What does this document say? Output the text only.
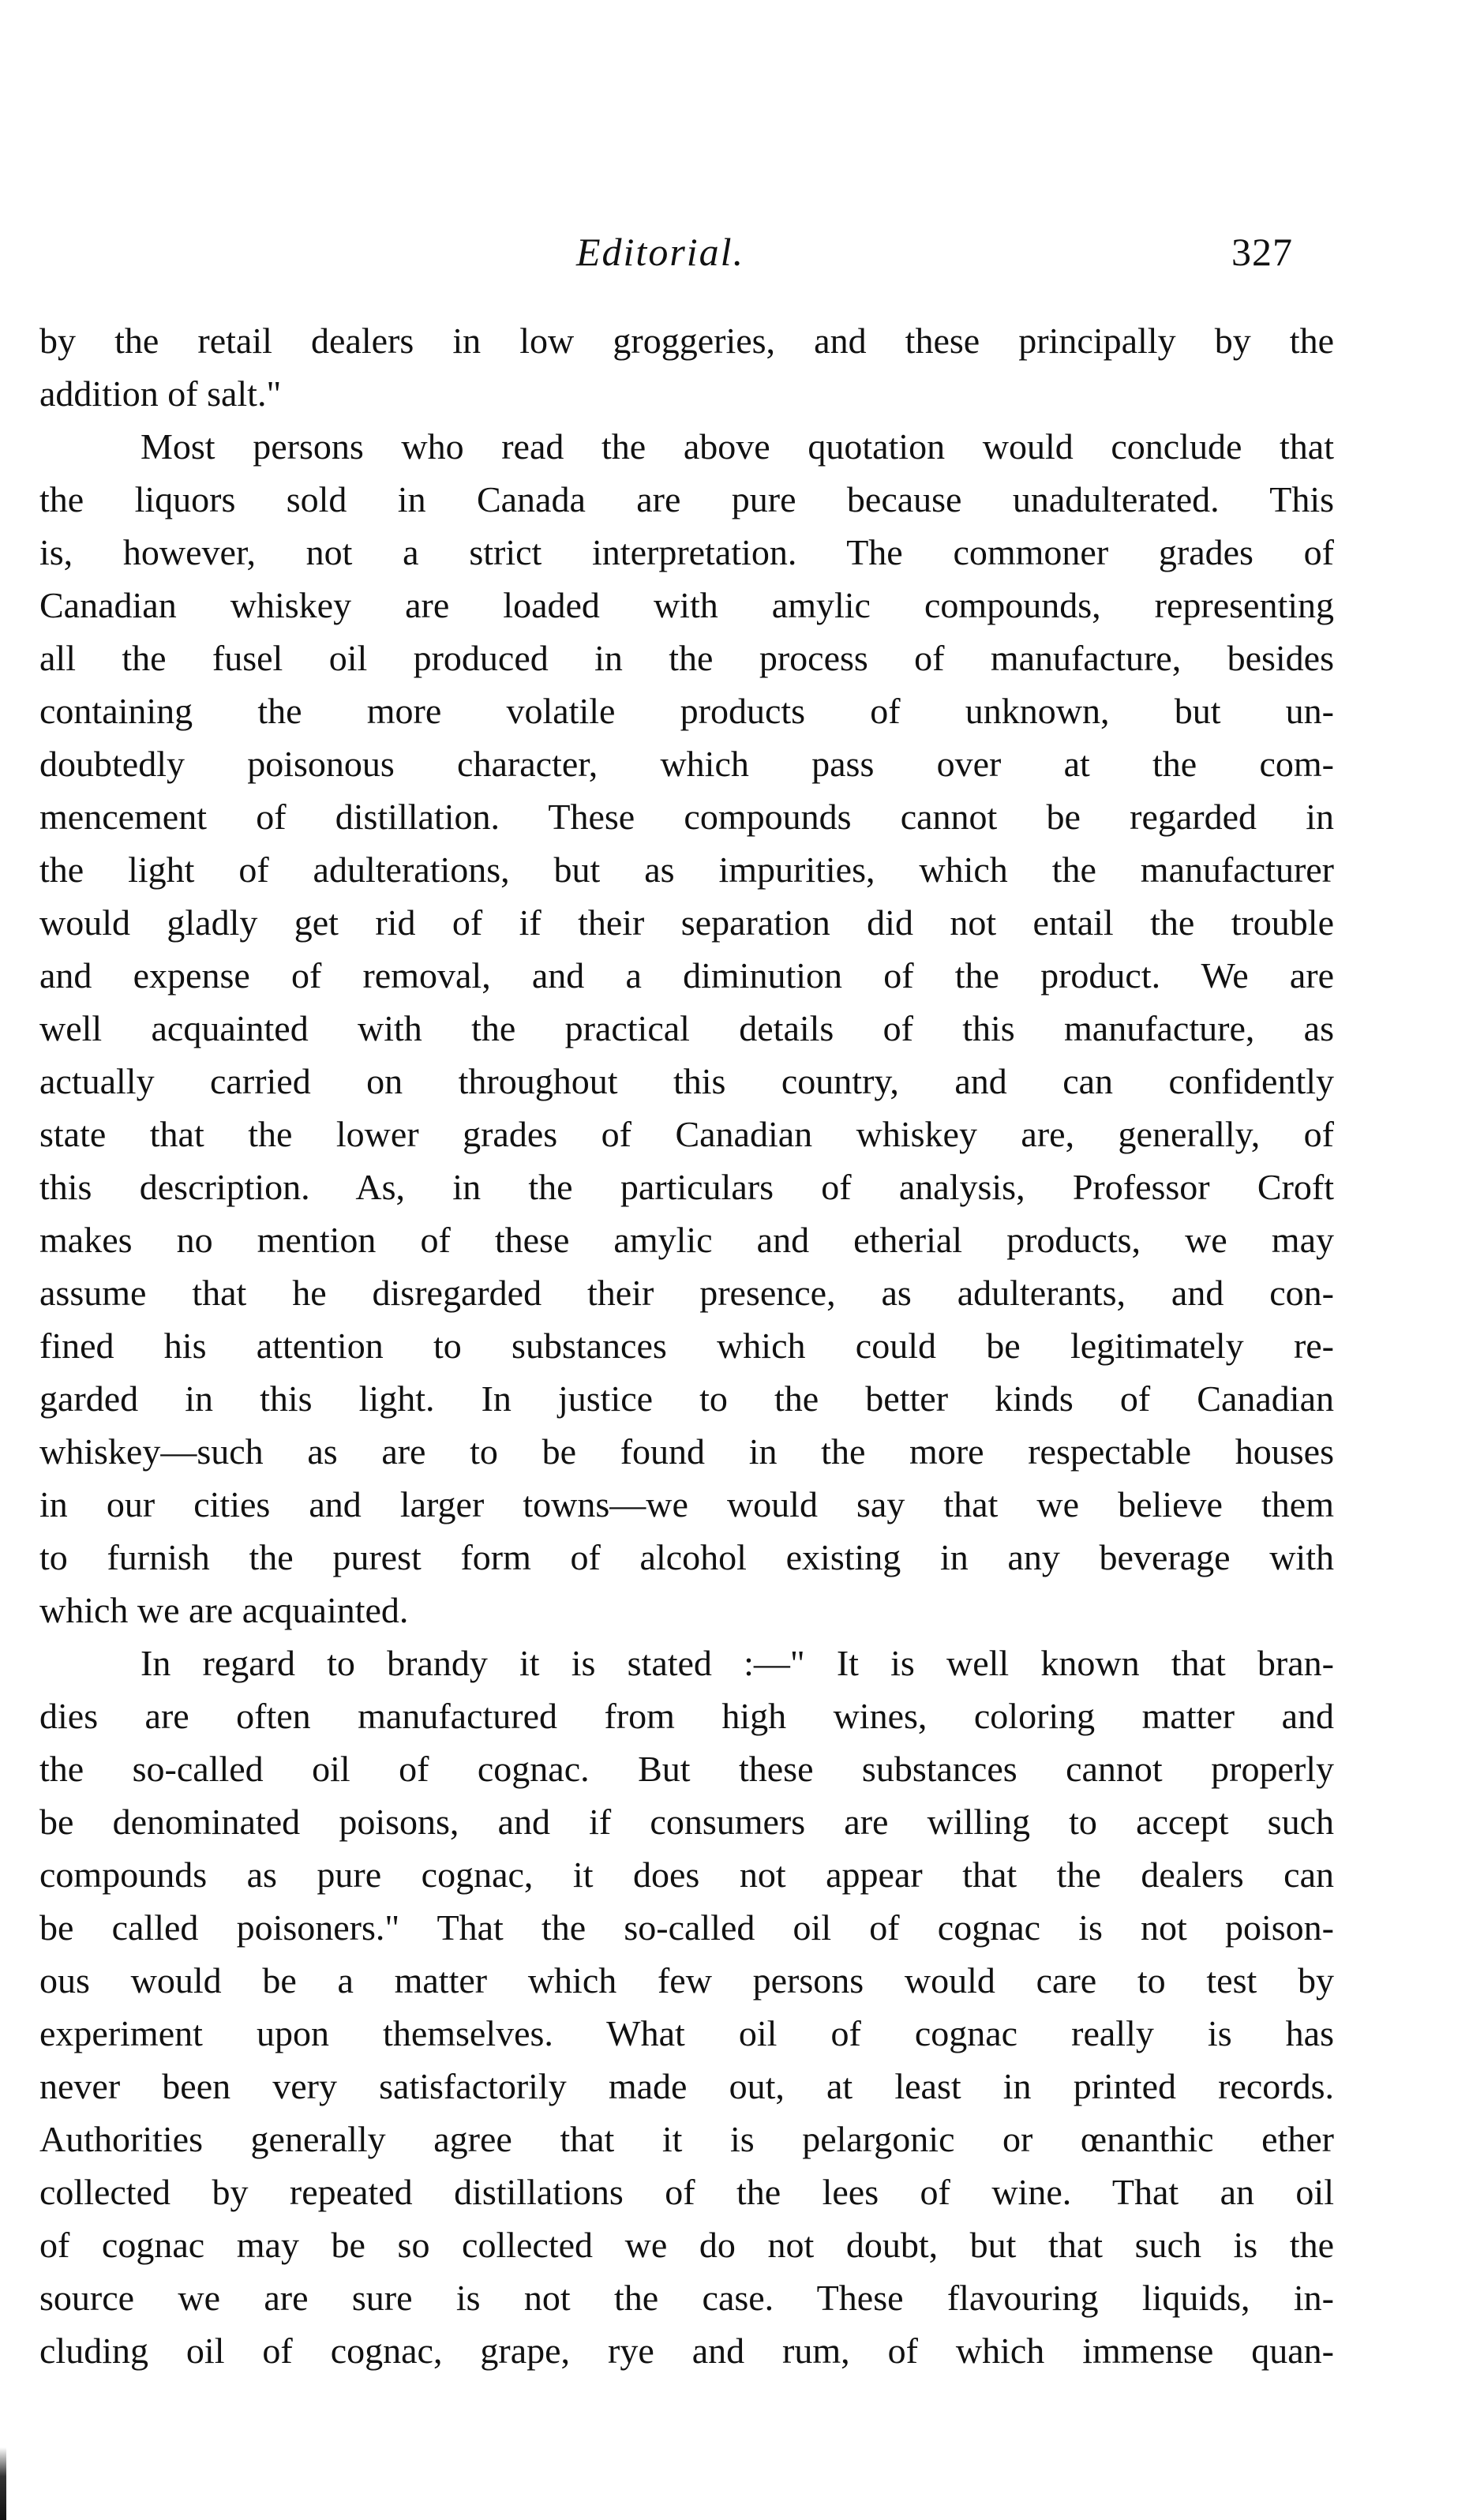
Editorial.	327
by the retail dealers in low groggeries, and these principally by the
addition of salt."
Most persons who read the above quotation would conclude that
the liquors sold in Canada are pure because unadulterated. This
is, however, not a strict interpretation. The commoner grades of
Canadian whiskey are loaded with amylic compounds, representing
all the fusel oil produced in the process of manufacture, besides
containing the more volatile products of unknown, but un-
doubtedly poisonous character, which pass over at the com-
mencement of distillation. These compounds cannot be regarded in
the light of adulterations, but as impurities, which the manufacturer
would gladly get rid of if their separation did not entail the trouble
and expense of removal, and a diminution of the product. We are
well acquainted with the practical details of this manufacture, as
actually carried on throughout this country, and can confidently
state that the lower grades of Canadian whiskey are, generally, of
this description. As, in the particulars of analysis, Professor Croft
makes no mention of these amylic and etherial products, we may
assume that he disregarded their presence, as adulterants, and con-
fined his attention to substances which could be legitimately re-
garded in this light. In justice to the better kinds of Canadian
whiskey—such as are to be found in the more respectable houses
in our cities and larger towns—we would say that we believe them
to furnish the purest form of alcohol existing in any beverage with
which we are acquainted.
In regard to brandy it is stated :—" It is well known that bran-
dies are often manufactured from high wines, coloring matter and
the so-called oil of cognac. But these substances cannot properly
be denominated poisons, and if consumers are willing to accept such
compounds as pure cognac, it does not appear that the dealers can
be called poisoners." That the so-called oil of cognac is not poison-
ous would be a matter which few persons would care to test by
experiment upon themselves. What oil of cognac really is has
never been very satisfactorily made out, at least in printed records.
Authorities generally agree that it is pelargonic or œnanthic ether
collected by repeated distillations of the lees of wine. That an oil
of cognac may be so collected we do not doubt, but that such is the
source we are sure is not the case. These flavouring liquids, in-
cluding oil of cognac, grape, rye and rum, of which immense quan-
